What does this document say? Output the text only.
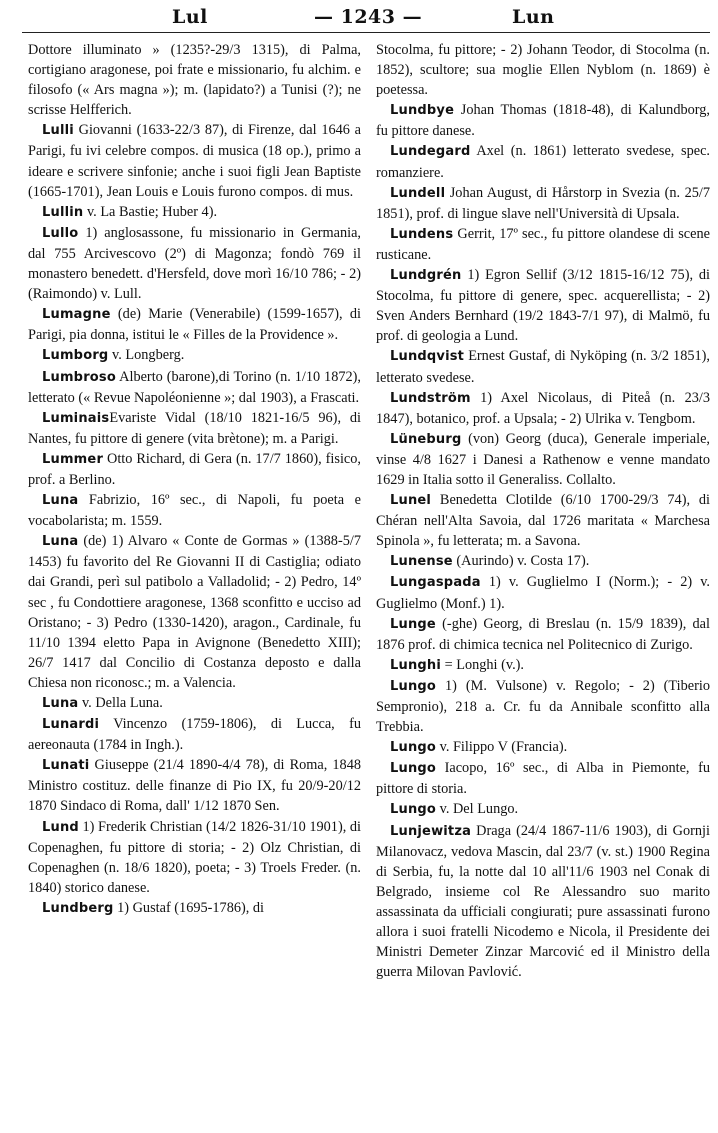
Lul	— 1243 —	Lun

Dottore illuminato » (1235?-29/3 1315), di Palma, cortigiano aragonese, poi frate e missionario, fu alchim. e filosofo (« Ars magna »); m. (lapidato?) a Tunisi (?); ne scrisse Helfferich.

Lulli Giovanni (1633-22/3 87), di Firenze, dal 1646 a Parigi, fu ivi celebre compos. di musica (18 op.), primo a ideare e scrivere sinfonie; anche i suoi figli Jean Baptiste (1665-1701), Jean Louis e Louis furono compos. di mus.

Lullin v. La Bastie; Huber 4).

Lullo 1) anglosassone, fu missionario in Germania, dal 755 Arcivescovo (2º) di Magonza; fondò 769 il monastero benedett. d'Hersfeld, dove morì 16/10 786; - 2) (Raimondo) v. Lull.

Lumagne (de) Marie (Venerabile) (1599-1657), di Parigi, pia donna, istitui le « Filles de la Providence ».

Lumborg v. Longberg.

Lumbroso Alberto (barone),di Torino (n. 1/10 1872), letterato (« Revue Napoléonienne »; dal 1903), a Frascati.

LuminaisEvariste Vidal (18/10 1821-16/5 96), di Nantes, fu pittore di genere (vita brètone); m. a Parigi.

Lummer Otto Richard, di Gera (n. 17/7 1860), fisico, prof. a Berlino.

Luna Fabrizio, 16º sec., di Napoli, fu poeta e vocabolarista; m. 1559.

Luna (de) 1) Alvaro « Conte de Gormas » (1388-5/7 1453) fu favorito del Re Giovanni II di Castiglia; odiato dai Grandi, perì sul patibolo a Valladolid; - 2) Pedro, 14º sec , fu Condottiere aragonese, 1368 sconfitto e ucciso ad Oristano; - 3) Pedro (1330-1420), aragon., Cardinale, fu 11/10 1394 eletto Papa in Avignone (Benedetto XIII); 26/7 1417 dal Concilio di Costanza deposto e dalla Chiesa non riconosc.; m. a Valencia.

Luna v. Della Luna.

Lunardi Vincenzo (1759-1806), di Lucca, fu aereonauta (1784 in Ingh.).

Lunati Giuseppe (21/4 1890-4/4 78), di Roma, 1848 Ministro costituz. delle finanze di Pio IX, fu 20/9-20/12 1870 Sindaco di Roma, dall' 1/12 1870 Sen.

Lund 1) Frederik Christian (14/2 1826-31/10 1901), di Copenaghen, fu pittore di storia; - 2) Olz Christian, di Copenaghen (n. 18/6 1820), poeta; - 3) Troels Freder. (n. 1840) storico danese.

Lundberg 1) Gustaf (1695-1786), di

Stocolma, fu pittore; - 2) Johann Teodor, di Stocolma (n. 1852), scultore; sua moglie Ellen Nyblom (n. 1869) è poetessa.

Lundbye Johan Thomas (1818-48), di Kalundborg, fu pittore danese.

Lundegard Axel (n. 1861) letterato svedese, spec. romanziere.

Lundell Johan August, di Hårstorp in Svezia (n. 25/7 1851), prof. di lingue slave nell'Università di Upsala.

Lundens Gerrit, 17º sec., fu pittore olandese di scene rusticane.

Lundgrén 1) Egron Sellif (3/12 1815-16/12 75), di Stocolma, fu pittore di genere, spec. acquerellista; - 2) Sven Anders Bernhard (19/2 1843-7/1 97), di Malmö, fu prof. di geologia a Lund.

Lundqvist Ernest Gustaf, di Nyköping (n. 3/2 1851), letterato svedese.

Lundström 1) Axel Nicolaus, di Piteå (n. 23/3 1847), botanico, prof. a Upsala; - 2) Ulrika v. Tengbom.

Lüneburg (von) Georg (duca), Generale imperiale, vinse 4/8 1627 i Danesi a Rathenow e venne mandato 1629 in Italia sotto il Generaliss. Collalto.

Lunel Benedetta Clotilde (6/10 1700-29/3 74), di Chéran nell'Alta Savoia, dal 1726 maritata « Marchesa Spinola », fu letterata; m. a Savona.

Lunense (Aurindo) v. Costa 17).

Lungaspada 1) v. Guglielmo I (Norm.); - 2) v. Guglielmo (Monf.) 1).

Lunge (-ghe) Georg, di Breslau (n. 15/9 1839), dal 1876 prof. di chimica tecnica nel Politecnico di Zurigo.

Lunghi = Longhi (v.).

Lungo 1) (M. Vulsone) v. Regolo; - 2) (Tiberio Sempronio), 218 a. Cr. fu da Annibale sconfitto alla Trebbia.

Lungo v. Filippo V (Francia).

Lungo Iacopo, 16º sec., di Alba in Piemonte, fu pittore di storia.

Lungo v. Del Lungo.

Lunjewitza Draga (24/4 1867-11/6 1903), di Gornji Milanovacz, vedova Mascin, dal 23/7 (v. st.) 1900 Regina di Serbia, fu, la notte dal 10 all'11/6 1903 nel Conak di Belgrado, insieme col Re Alessandro suo marito assassinata da ufficiali congiurati; pure assassinati furono allora i suoi fratelli Nicodemo e Nicola, il Presidente dei Ministri Demeter Zinzar Marcović ed il Ministro della guerra Milovan Pavlović.
